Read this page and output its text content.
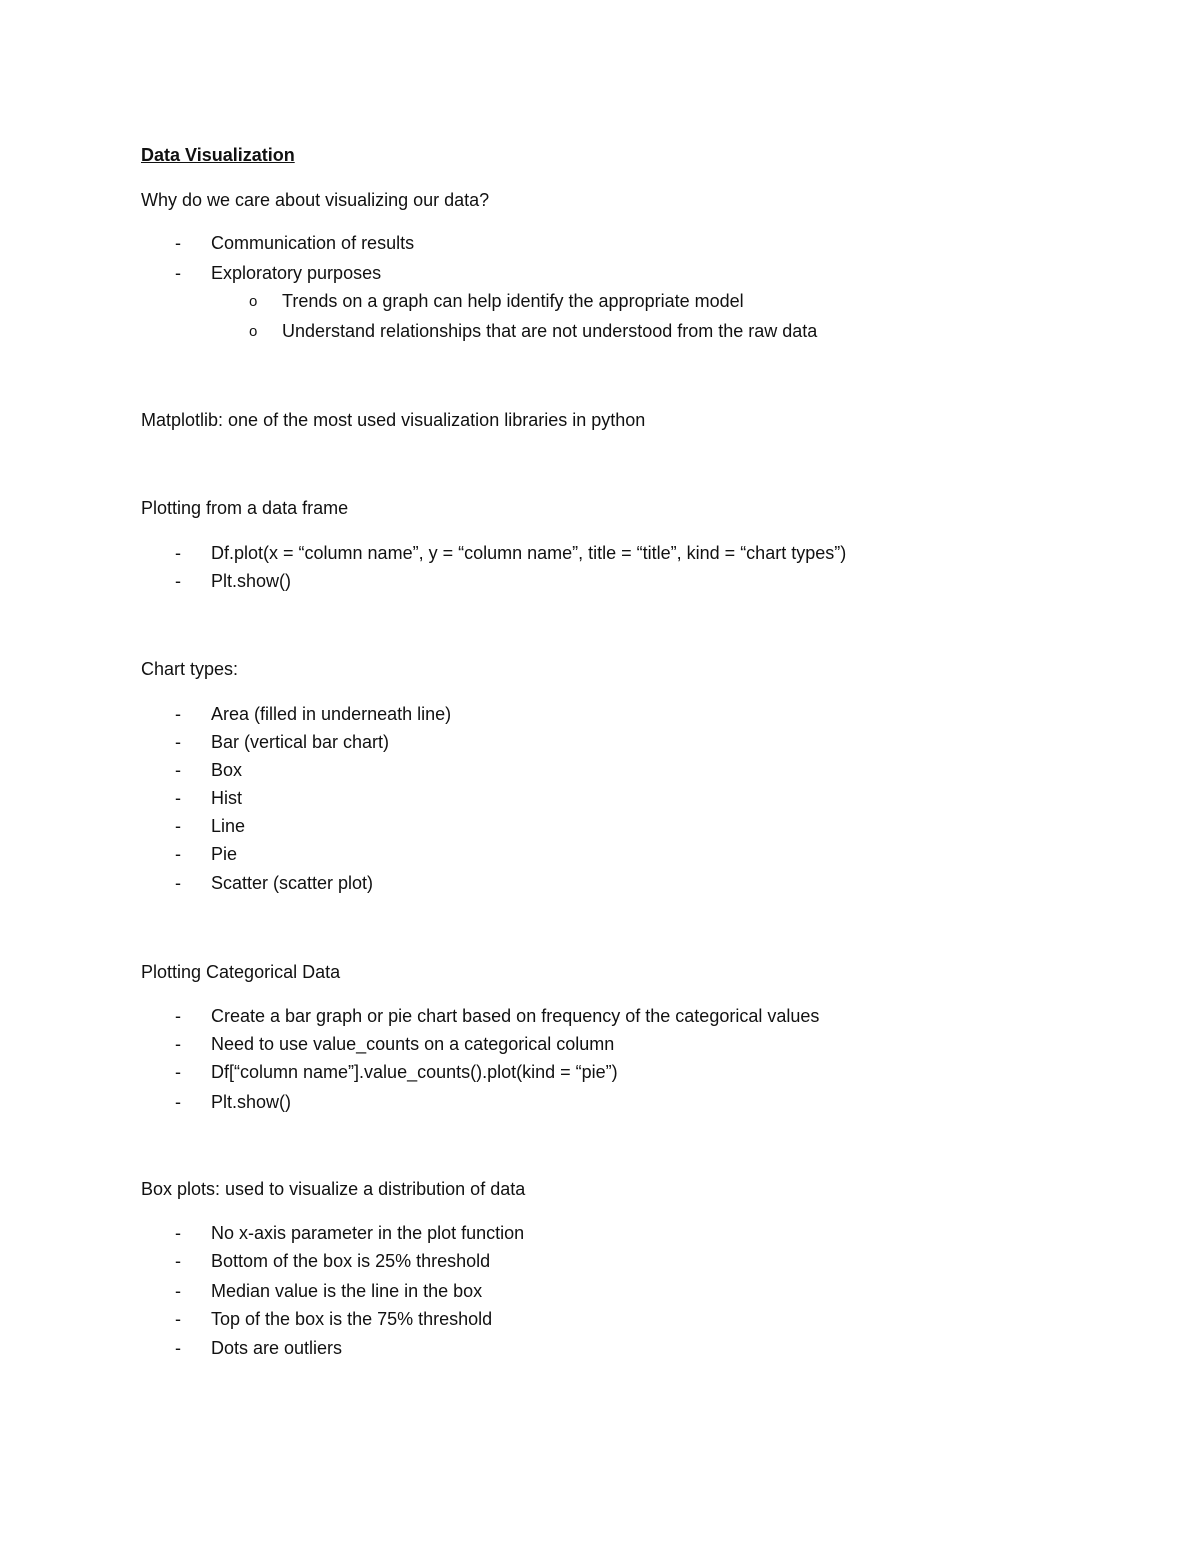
Data Visualization
Why do we care about visualizing our data?
- Communication of results
- Exploratory purposes
o Trends on a graph can help identify the appropriate model
o Understand relationships that are not understood from the raw data
Matplotlib: one of the most used visualization libraries in python
Plotting from a data frame
- Df.plot(x = “column name”, y = “column name”, title = “title”, kind = “chart types”)
- Plt.show()
Chart types:
- Area (filled in underneath line)
- Bar (vertical bar chart)
- Box
- Hist
- Line
- Pie
- Scatter (scatter plot)
Plotting Categorical Data
- Create a bar graph or pie chart based on frequency of the categorical values
- Need to use value_counts on a categorical column
- Df[“column name”].value_counts().plot(kind = “pie”)
- Plt.show()
Box plots: used to visualize a distribution of data
- No x-axis parameter in the plot function
- Bottom of the box is 25% threshold
- Median value is the line in the box
- Top of the box is the 75% threshold
- Dots are outliers
